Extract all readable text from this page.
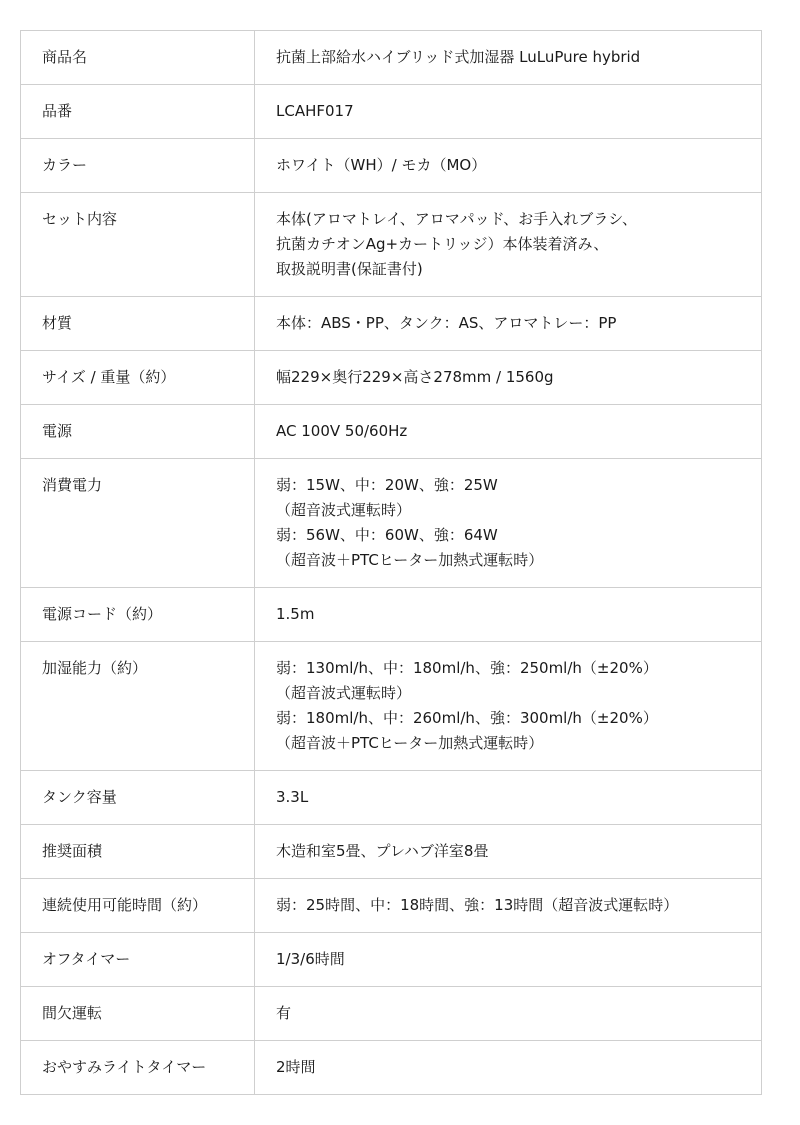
商品名	抗菌上部給水ハイブリッド式加湿器 LuLuPure hybrid

品番	LCAHF017

カラー	ホワイト（WH）/ モカ（MO）

セット内容	本体(アロマトレイ、アロマパッド、お手入れブラシ、
抗菌カチオンAg+カートリッジ）本体装着済み、
取扱説明書(保証書付)

材質	本体：ABS・PP、タンク：AS、アロマトレー：PP

サイズ / 重量（約）	幅229×奥行229×高さ278mm / 1560g

電源	AC 100V 50/60Hz

消費電力	弱：15W、中：20W、強：25W
（超音波式運転時）
弱：56W、中：60W、強：64W
（超音波＋PTCヒーター加熱式運転時）

電源コード（約）	1.5m

加湿能力（約）	弱：130ml/h、中：180ml/h、強：250ml/h（±20%）
（超音波式運転時）
弱：180ml/h、中：260ml/h、強：300ml/h（±20%）
（超音波＋PTCヒーター加熱式運転時）

タンク容量	3.3L

推奨面積	木造和室5畳、プレハブ洋室8畳

連続使用可能時間（約）	弱：25時間、中：18時間、強：13時間（超音波式運転時）

オフタイマー	1/3/6時間

間欠運転	有

おやすみライトタイマー	2時間
